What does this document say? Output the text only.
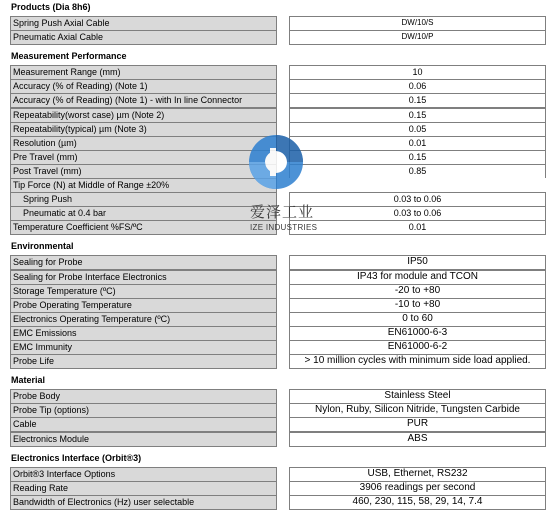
Products (Dia 8h6)
Spring Push Axial Cable	DW/10/S
Pneumatic Axial Cable	DW/10/P
Measurement Performance
Measurement Range (mm)	10
Accuracy (% of Reading) (Note 1)	0.06
Accuracy (% of Reading) (Note 1) - with In line Connector	0.15
Repeatability(worst case) µm (Note 2)	0.15
Repeatability(typical) µm (Note 3)	0.05
Resolution (µm)	0.01
Pre Travel (mm)	0.15
Post Travel (mm)	0.85
Tip Force (N) at Middle of Range ±20%
Spring Push	0.03 to 0.06
Pneumatic at 0.4 bar	0.03 to 0.06
Temperature Coefficient %FS/ºC	0.01
Environmental
Sealing for Probe	IP50
Sealing for Probe Interface Electronics	IP43 for module and TCON
Storage Temperature (ºC)	-20 to +80
Probe Operating Temperature	-10 to +80
Electronics Operating Temperature (ºC)	0 to 60
EMC Emissions	EN61000-6-3
EMC Immunity	EN61000-6-2
Probe Life	> 10 million cycles with minimum side load applied.
Material
Probe Body	Stainless Steel
Probe Tip (options)	Nylon, Ruby, Silicon Nitride, Tungsten Carbide
Cable	PUR
Electronics Module	ABS
Electronics Interface (Orbit®3)
Orbit®3 Interface Options	USB, Ethernet, RS232
Reading Rate	3906 readings per second
Bandwidth of Electronics (Hz) user selectable	460, 230, 115, 58, 29, 14, 7.4
爱泽工业
IZE INDUSTRIES
